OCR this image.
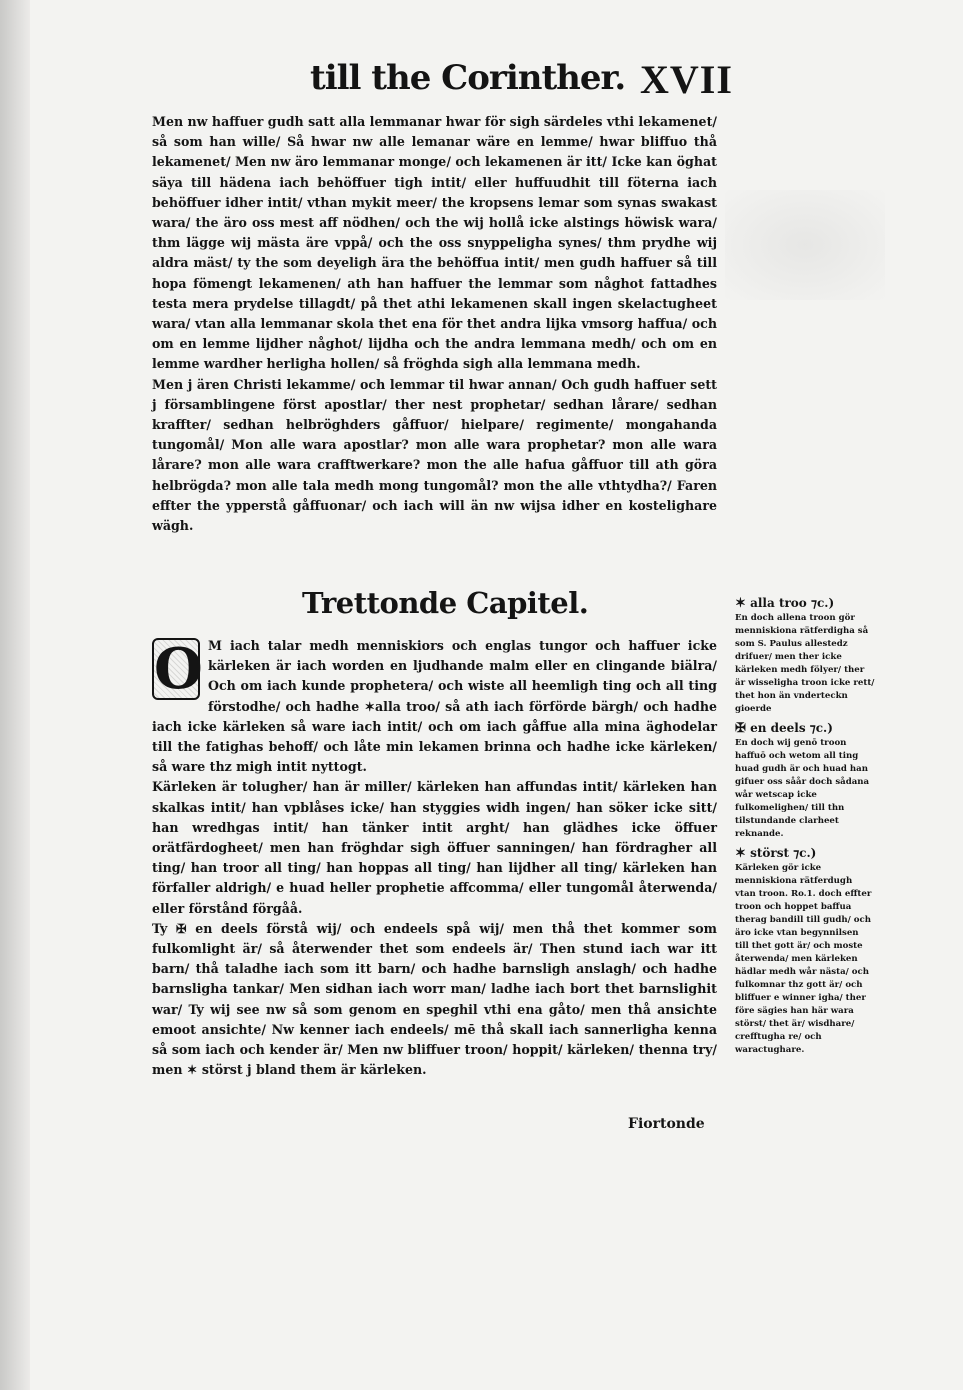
till the Corinther. XVII

Men nw haffuer gudh satt alla lemmanar hwar för sigh särdeles vthi lekamenet/ så som han wille/ Så hwar nw alle lemanar wäre en lemme/ hwar bliffuo thå lekamenet/ Men nw äro lemmanar monge/ och lekamenen är itt/ Icke kan öghat säya till hädena iach behöffuer tigh intit/ eller huffuudhit till föterna iach behöffuer idher intit/ vthan mykit meer/ the kropsens lemar som synas swakast wara/ the äro oss mest aff nödhen/ och the wij hollå icke alstings höwisk wara/ thm lägge wij mästa äre vppå/ och the oss snyppeligha synes/ thm prydhe wij aldra mäst/ ty the som deyeligh ära the behöffua intit/ men gudh haffuer så till hopa fömengt lekamenen/ ath han haffuer the lemmar som någhot fattadhes testa mera prydelse tillagdt/ på thet athi lekamenen skall ingen skelactugheet wara/ vtan alla lemmanar skola thet ena för thet andra lijka vmsorg haffua/ och om en lemme lijdher någhot/ lijdha och the andra lemmana medh/ och om en lemme wardher herligha hollen/ så fröghda sigh alla lemmana medh.

Men j ären Christi lekamme/ och lemmar til hwar annan/ Och gudh haffuer sett j församblingene först apostlar/ ther nest prophetar/ sedhan lårare/ sedhan kraffter/ sedhan helbröghders gåffuor/ hielpare/ regimente/ mongahanda tungomål/ Mon alle wara apostlar? mon alle wara prophetar? mon alle wara lårare? mon alle wara crafftwerkare? mon the alle hafua gåffuor till ath göra helbrögda? mon alle tala medh mong tungomål? mon the alle vthtydha?/ Faren effter the ypperstå gåffuonar/ och iach will än nw wijsa idher en kostelighare wägh.

Trettonde Capitel.
O M iach talar medh menniskiors och englas tungor och haffuer icke kärleken är iach worden en ljudhande malm eller en clingande biälra/ Och om iach kunde propheterа/ och wiste all heemligh ting och all ting förstodhe/ och hadhe ✶alla troo/ så ath iach förförde bärgh/ och hadhe iach icke kärleken så ware iach intit/ och om iach gåffue alla mina äghodelar till the fatighas behoff/ och låte min lekamen brinna och hadhe icke kärleken/ så ware thz migh intit nyttogt.

Kärleken är tolugher/ han är miller/ kärleken han affundas intit/ kärleken han skalkas intit/ han vpblåses icke/ han styggies widh ingen/ han söker icke sitt/ han wredhgas intit/ han tänker intit arght/ han glädhes icke öffuer orätfärdogheet/ men han fröghdar sigh öffuer sanningen/ han fördragher all ting/ han troor all ting/ han hoppas all ting/ han lijdher all ting/ kärleken han förfaller aldrigh/ e huad heller prophetie affcomma/ eller tungomål återwenda/ eller förstånd förgåå.

Ty ✠ en deels förstå wij/ och endeels spå wij/ men thå thet kommer som fulkomlight är/ så återwender thet som endeels är/ Then stund iach war itt barn/ thå taladhe iach som itt barn/ och hadhe barnsligh anslagh/ och hadhe barnsligha tankar/ Men sidhan iach worr man/ ladhe iach bort thet barnslighit war/ Ty wij see nw så som genom en speghil vthi ena gåto/ men thå ansichte emoot ansichte/ Nw kenner iach endeels/ mē thå skall iach sannerligha kenna så som iach och kender är/ Men nw bliffuer troon/ hoppit/ kärleken/ thenna try/ men ✶ störst j bland them är kärleken.

Fiortonde

✶ alla troo ⁊c.)

En doch allena troon gör menniskiona rätferdigha så som S. Paulus allestedz drifuer/ men ther icke kärleken medh fölyer/ ther är wisselighа troon icke rett/ thet hon än vnderteckn gioerde

✠ en deels ⁊c.)

En doch wij genō troon haffuō och wetom all ting huad gudh är och huad han gifuer oss såår doch sådana wår wetscap icke fulkomelighen/ till thn tilstundande clarheet reknande.

✶ störst ⁊c.)

Kärleken gör icke menniskiona rätferdugh vtan troon. Ro.1. doch effter troon och hoppet baffua therag bandill till gudh/ och äro icke vtan begynnilsen till thet gott är/ och moste återwenda/ men kärleken hädlar medh wår nästa/ och fulkomnar thz gott är/ och bliffuer e winner igha/ ther före sägies han här wara störst/ thet är/ wisdhare/ crefftugha re/ och waractughare.
